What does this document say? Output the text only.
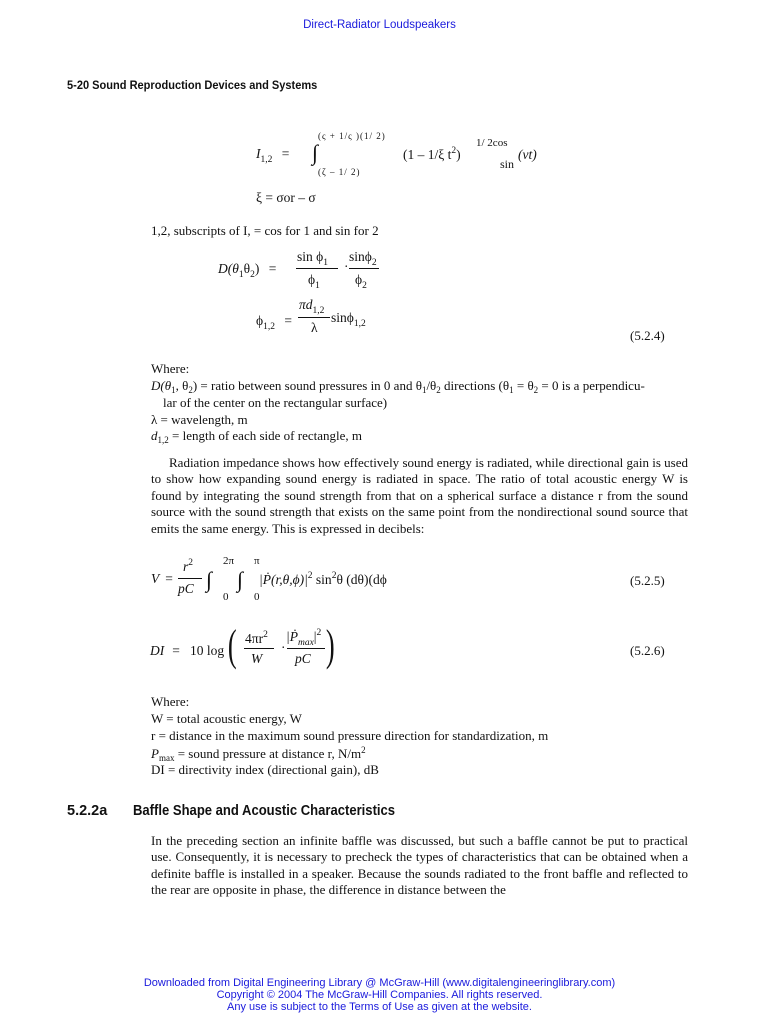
Direct-Radiator Loudspeakers
5-20 Sound Reproduction Devices and Systems
$I_{1,2}$ = ∫
(ς + 1/ς )(1/ 2)
(ζ – 1/ 2)
(1 – 1/ξ $t^2$)
1/ 2cos
sin
(vt)
ξ = σor – σ
1,2, subscripts of I, = cos for 1 and sin for 2
$D(\theta_1\theta_2)$ =
$\sin \phi_1$
$\phi_1$
·
sinϕ$_2$
$\phi_2$
$\phi_{1,2}$ =
$\pi d_{1,2}$
λ
sinϕ$_{1,2}$
(5.2.4)
Where:
$D(\theta_1$, $\theta_2$) = ratio between sound pressures in 0 and $\theta_1/\theta_2$ directions ($\theta_1 = \theta_2 = 0$ is a perpendicu-
lar of the center on the rectangular surface)
λ = wavelength, m
$d_{1,2}$ = length of each side of rectangle, m
Radiation impedance shows how effectively sound energy is radiated, while directional gain is used to show how expanding sound energy is radiated in space. The ratio of total acoustic energy W is found by integrating the sound strength from that on a spherical surface a distance r from the sound source with the sound strength that exists on the same point from the nondirectional sound source that emits the same energy. This is expressed in decibels:
V =
$r^2$
pC ∫ ∫
2π π
0 0
$|Ṗ(r,\theta,\phi)|^2$ $\sin^2\theta$ (dθ)(dϕ	(5.2.5)
DI = 10 log ( $4\pi r^2$
W
·
$|Ṗ_{max}|^2$
pC )	(5.2.6)
Where:
W = total acoustic energy, W
r = distance in the maximum sound pressure direction for standardization, m
$P_{max}$ = sound pressure at distance r, $N/m^2$
DI = directivity index (directional gain), dB
5.2.2a Baffle Shape and Acoustic Characteristics
In the preceding section an infinite baffle was discussed, but such a baffle cannot be put to practical use. Consequently, it is necessary to precheck the types of characteristics that can be obtained when a definite baffle is installed in a speaker. Because the sounds radiated to the front baffle and reflected to the rear are opposite in phase, the difference in distance between the
Downloaded from Digital Engineering Library @ McGraw-Hill (www.digitalengineeringlibrary.com)
Copyright © 2004 The McGraw-Hill Companies. All rights reserved.
Any use is subject to the Terms of Use as given at the website.
